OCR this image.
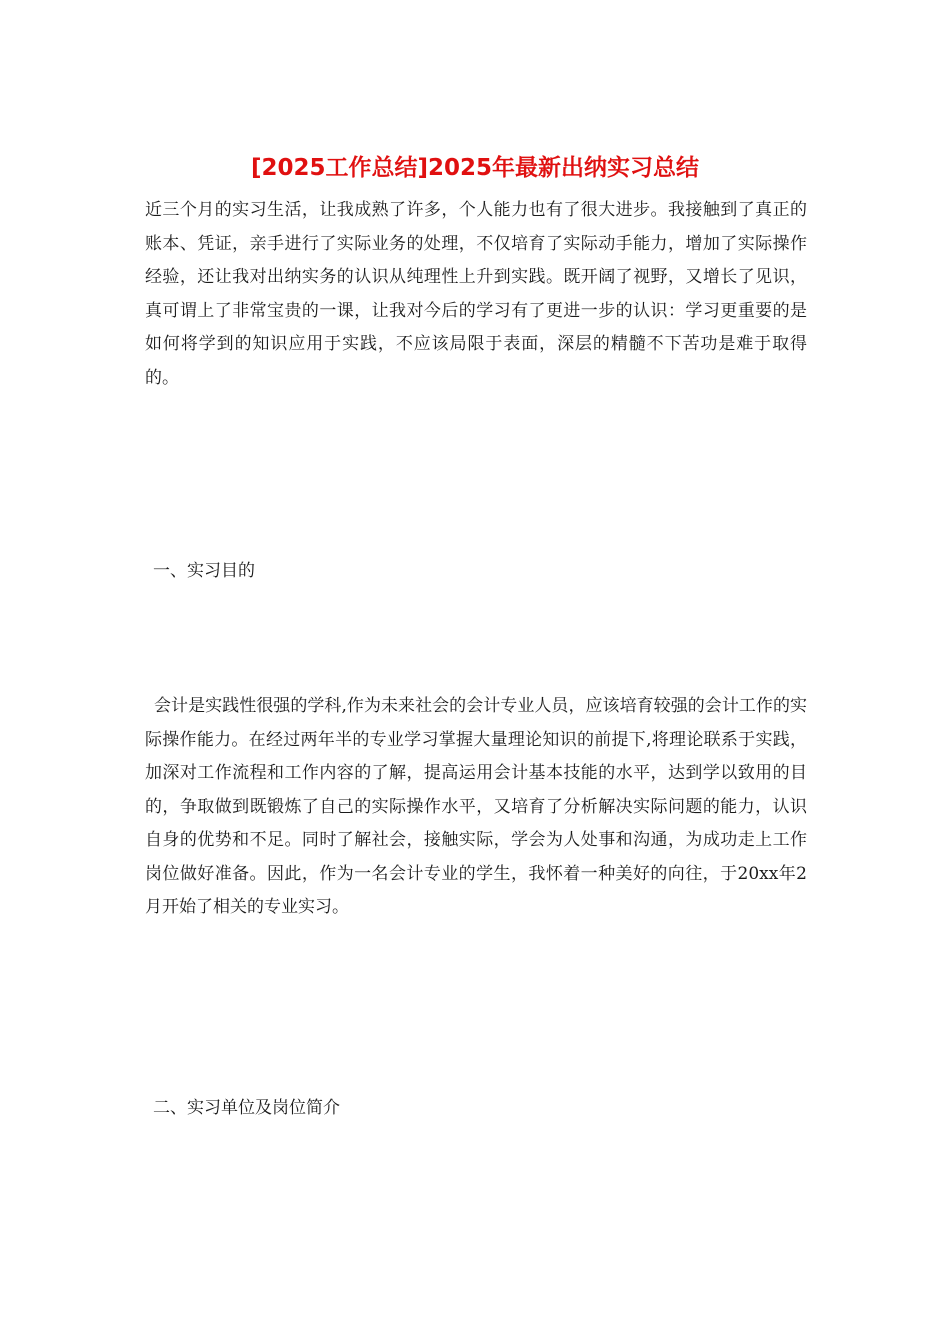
[2025工作总结]2025年最新出纳实习总结

近三个月的实习生活，让我成熟了许多，个人能力也有了很大进步。我接触到了真正的账本、凭证，亲手进行了实际业务的处理，不仅培育了实际动手能力，增加了实际操作经验，还让我对出纳实务的认识从纯理性上升到实践。既开阔了视野，又增长了见识，真可谓上了非常宝贵的一课，让我对今后的学习有了更进一步的认识：学习更重要的是如何将学到的知识应用于实践，不应该局限于表面，深层的精髓不下苦功是难于取得的。

一、实习目的

会计是实践性很强的学科,作为未来社会的会计专业人员，应该培育较强的会计工作的实际操作能力。在经过两年半的专业学习掌握大量理论知识的前提下,将理论联系于实践，加深对工作流程和工作内容的了解，提高运用会计基本技能的水平，达到学以致用的目的，争取做到既锻炼了自己的实际操作水平，又培育了分析解决实际问题的能力，认识自身的优势和不足。同时了解社会，接触实际，学会为人处事和沟通，为成功走上工作岗位做好准备。因此，作为一名会计专业的学生，我怀着一种美好的向往，于20xx年2月开始了相关的专业实习。

二、实习单位及岗位简介
